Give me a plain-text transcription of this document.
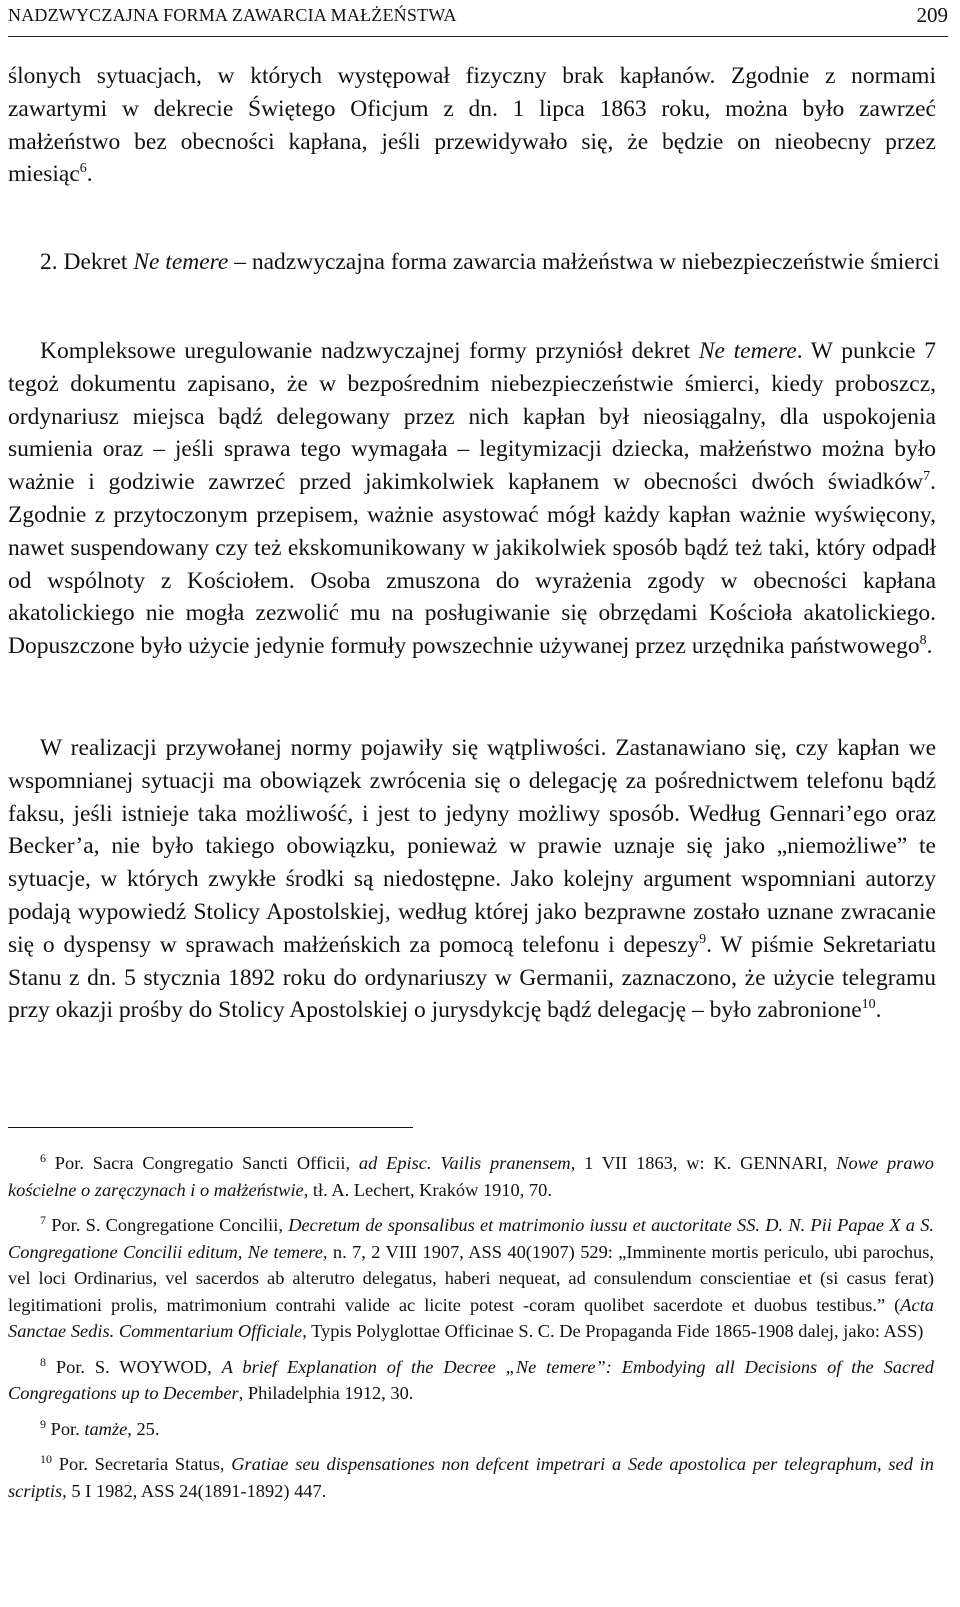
NADZWYCZAJNA FORMA ZAWARCIA MAŁŻEŃSTWA	209

ślonych sytuacjach, w których występował fizyczny brak kapłanów. Zgodnie z normami zawartymi w dekrecie Świętego Oficjum z dn. 1 lipca 1863 roku, można było zawrzeć małżeństwo bez obecności kapłana, jeśli przewidywało się, że będzie on nieobecny przez miesiąc$^6$.

2. Dekret Ne temere – nadzwyczajna forma zawarcia małżeństwa w niebezpieczeństwie śmierci

Kompleksowe uregulowanie nadzwyczajnej formy przyniósł dekret Ne temere. W punkcie 7 tegoż dokumentu zapisano, że w bezpośrednim niebezpieczeństwie śmierci, kiedy proboszcz, ordynariusz miejsca bądź delegowany przez nich kapłan był nieosiągalny, dla uspokojenia sumienia oraz – jeśli sprawa tego wymagała – legitymizacji dziecka, małżeństwo można było ważnie i godziwie zawrzeć przed jakimkolwiek kapłanem w obecności dwóch świadków$^7$. Zgodnie z przytoczonym przepisem, ważnie asystować mógł każdy kapłan ważnie wyświęcony, nawet suspendowany czy też ekskomunikowany w jakikolwiek sposób bądź też taki, który odpadł od wspólnoty z Kościołem. Osoba zmuszona do wyrażenia zgody w obecności kapłana akatolickiego nie mogła zezwolić mu na posługiwanie się obrzędami Kościoła akatolickiego. Dopuszczone było użycie jedynie formuły powszechnie używanej przez urzędnika państwowego$^8$.

W realizacji przywołanej normy pojawiły się wątpliwości. Zastanawiano się, czy kapłan we wspomnianej sytuacji ma obowiązek zwrócenia się o delegację za pośrednictwem telefonu bądź faksu, jeśli istnieje taka możliwość, i jest to jedyny możliwy sposób. Według Gennari’ego oraz Becker’a, nie było takiego obowiązku, ponieważ w prawie uznaje się jako „niemożliwe” te sytuacje, w których zwykłe środki są niedostępne. Jako kolejny argument wspomniani autorzy podają wypowiedź Stolicy Apostolskiej, według której jako bezprawne zostało uznane zwracanie się o dyspensy w sprawach małżeńskich za pomocą telefonu i depeszy$^9$. W piśmie Sekretariatu Stanu z dn. 5 stycznia 1892 roku do ordynariuszy w Germanii, zaznaczono, że użycie telegramu przy okazji prośby do Stolicy Apostolskiej o jurysdykcję bądź delegację – było zabronione$^{10}$.

$^6$ Por. Sacra Congregatio Sancti Officii, ad Episc. Vailis pranensem, 1 VII 1863, w: K. GENNARI, Nowe prawo kościelne o zaręczynach i o małżeństwie, tł. A. Lechert, Kraków 1910, 70.

$^7$ Por. S. Congregatione Concilii, Decretum de sponsalibus et matrimonio iussu et auctoritate SS. D. N. Pii Papae X a S. Congregatione Concilii editum, Ne temere, n. 7, 2 VIII 1907, ASS 40(1907) 529: „Imminente mortis periculo, ubi parochus, vel loci Ordinarius, vel sacerdos ab alterutro delegatus, haberi nequeat, ad consulendum conscientiae et (si casus ferat) legitimationi prolis, matrimonium contrahi valide ac licite potest -coram quolibet sacerdote et duobus testibus.” (Acta Sanctae Sedis. Commentarium Officiale, Typis Polyglottae Officinae S. C. De Propaganda Fide 1865-1908 dalej, jako: ASS)

$^8$ Por. S. WOYWOD, A brief Explanation of the Decree „Ne temere”: Embodying all Decisions of the Sacred Congregations up to December, Philadelphia 1912, 30.

$^9$ Por. tamże, 25.

$^{10}$ Por. Secretaria Status, Gratiae seu dispensationes non defcent impetrari a Sede apostolica per telegraphum, sed in scriptis, 5 I 1982, ASS 24(1891-1892) 447.
